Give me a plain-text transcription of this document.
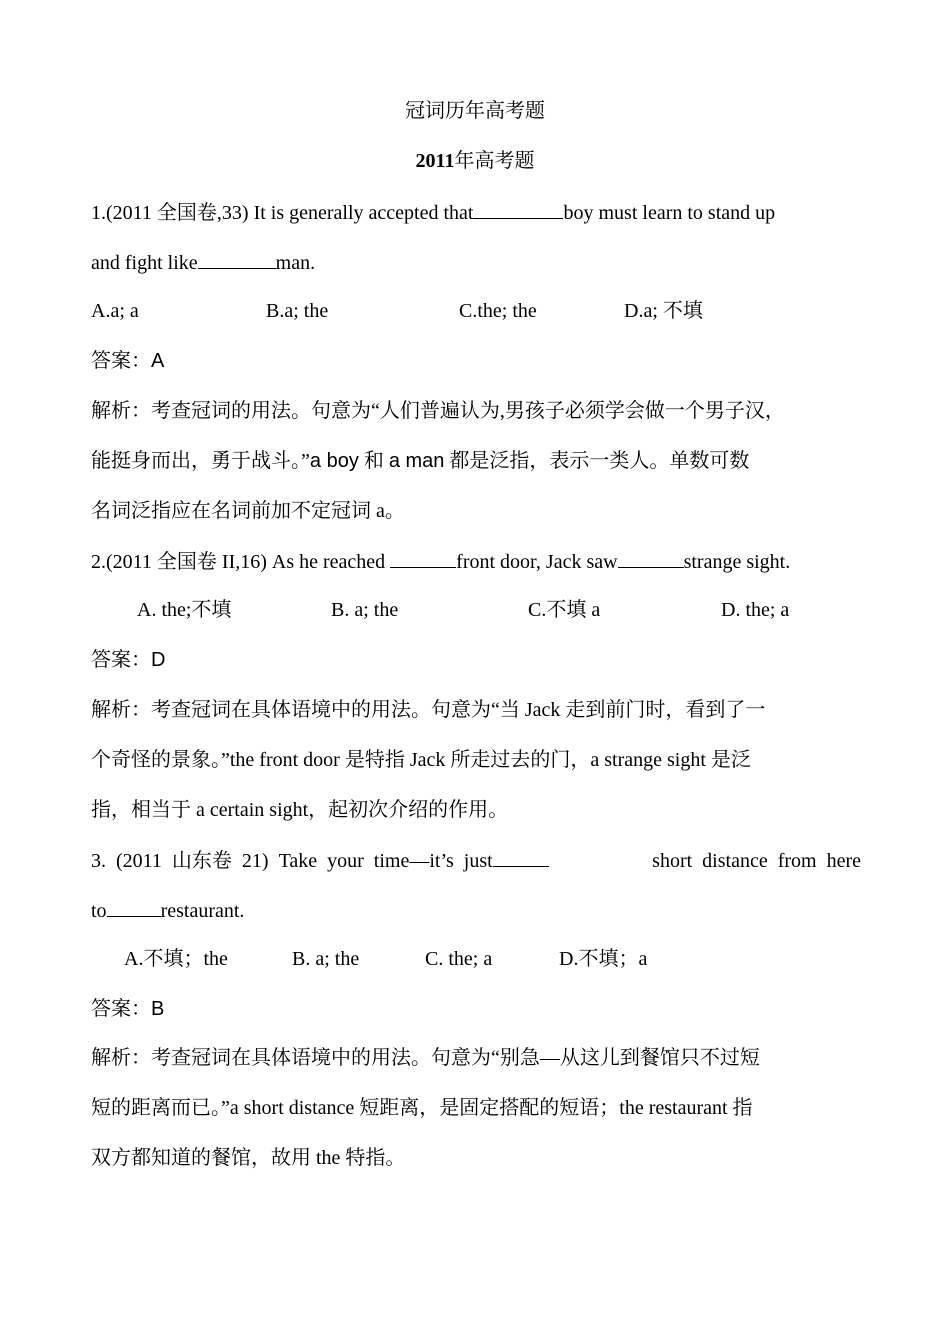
冠词历年高考题
2011年高考题
1.(2011 全国卷,33) It is generally accepted that	boy must learn to stand up
and fight like	man.
A.a; a	B.a; the	C.the; the	D.a; 不填
答案：A
解析：考查冠词的用法。句意为“人们普遍认为,男孩子必须学会做一个男子汉，
能挺身而出，勇于战斗。”a boy 和 a man 都是泛指，表示一类人。单数可数
名词泛指应在名词前加不定冠词 a。
2.(2011 全国卷 II,16) As he reached	front door, Jack saw	strange sight.
A. the;不填	B. a; the	C.不填 a	D. the; a
答案：D
解析：考查冠词在具体语境中的用法。句意为“当 Jack 走到前门时，看到了一
个奇怪的景象。”the front door 是特指 Jack 所走过去的门，a strange sight 是泛
指，相当于 a certain sight，起初次介绍的作用。
3.  (2011  山东卷  21)  Take  your  time—it’s  just	short  distance  from  here
to	restaurant.
A.不填；the	B. a; the	C. the; a	D.不填；a
答案：B
解析：考查冠词在具体语境中的用法。句意为“别急—从这儿到餐馆只不过短
短的距离而已。”a short distance 短距离，是固定搭配的短语；the restaurant 指
双方都知道的餐馆，故用 the 特指。
